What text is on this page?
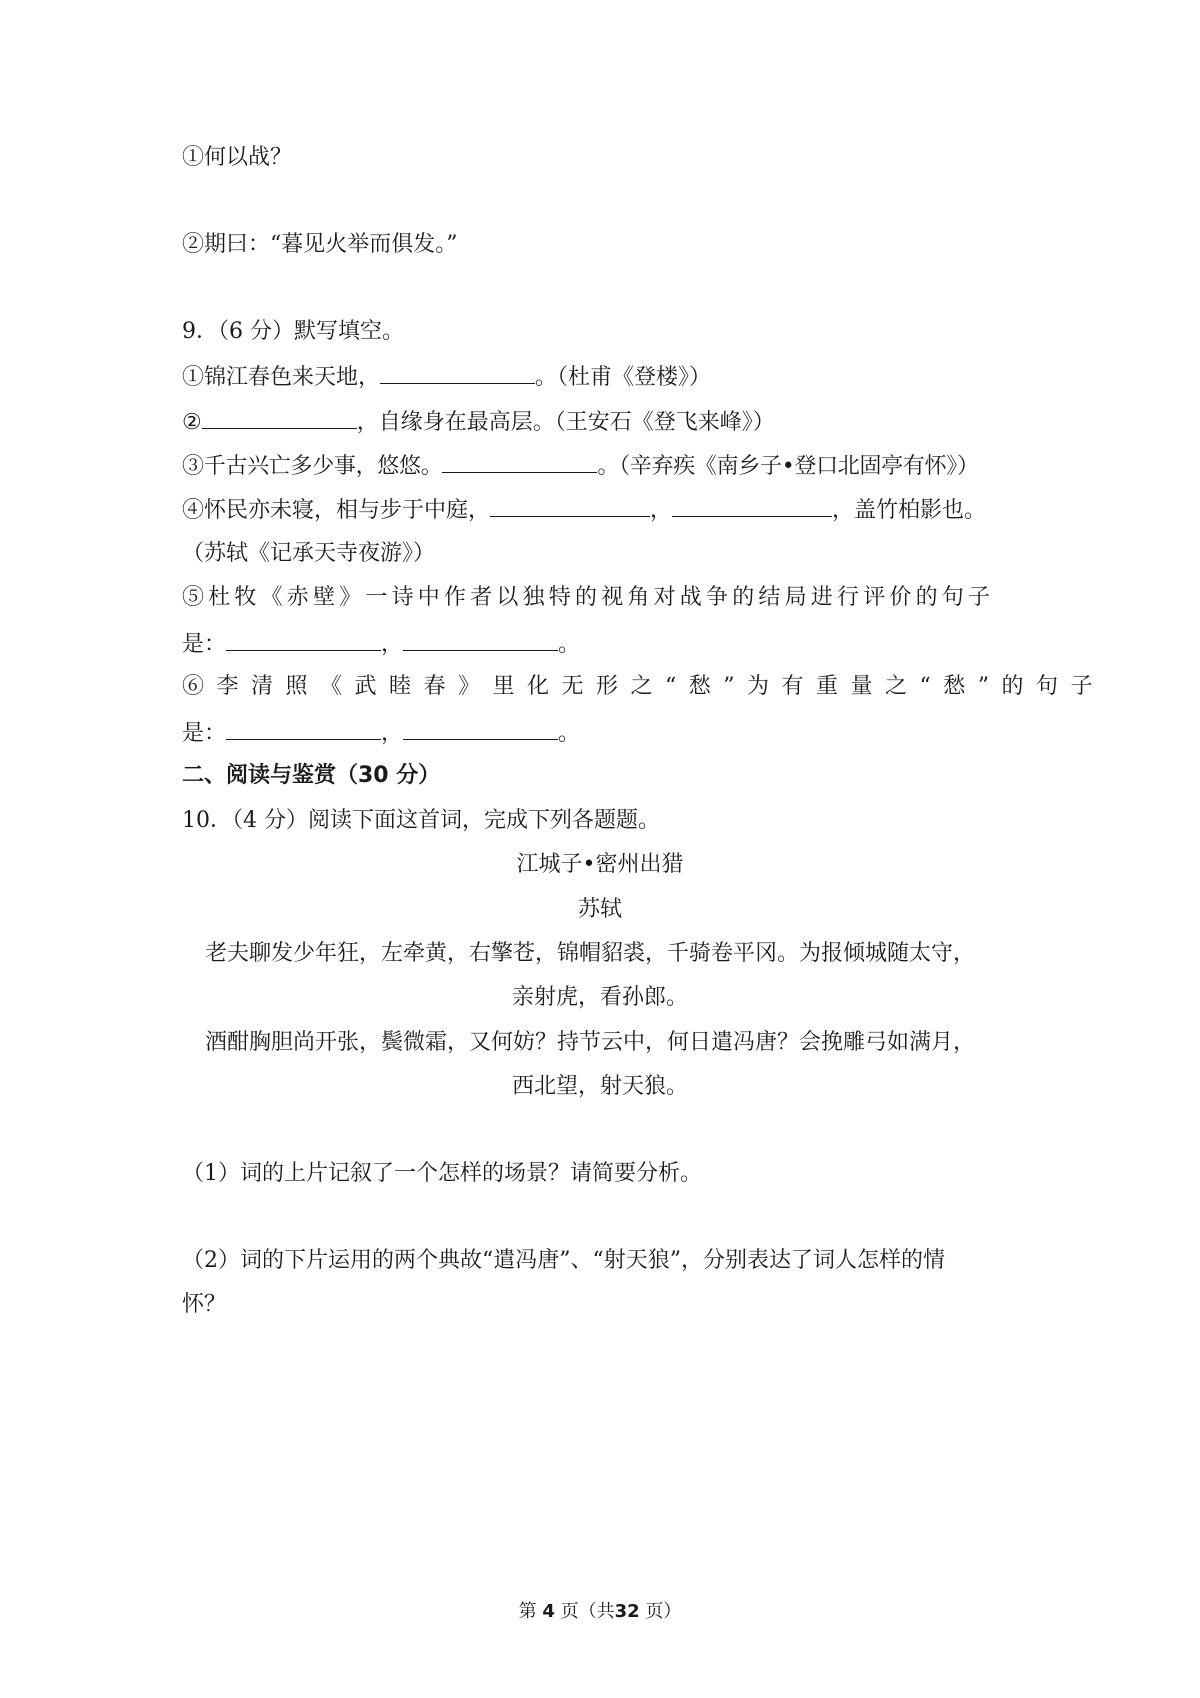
①何以战？
②期曰：“暮见火举而俱发。”
9．（6 分）默写填空。
①锦江春色来天地，	。（杜甫《登楼》）
②	，自缘身在最高层。（王安石《登飞来峰》）
③千古兴亡多少事，悠悠。	。（辛弃疾《南乡子•登口北固亭有怀》）
④怀民亦未寝，相与步于中庭，	，	，盖竹柏影也。
（苏轼《记承天寺夜游》）
⑤杜牧《赤壁》一诗中作者以独特的视角对战争的结局进行评价的句子
是：	，	。
⑥李清照《武睦春》里化无形之“愁”为有重量之“愁”的句子
是：	，	。
二、阅读与鉴赏（30 分）
10．（4 分）阅读下面这首词，完成下列各题题。
江城子•密州出猎
苏轼
老夫聊发少年狂，左牵黄，右擎苍，锦帽貂裘，千骑卷平冈。为报倾城随太守，
亲射虎，看孙郎。
酒酣胸胆尚开张，鬓微霜，又何妨？持节云中，何日遣冯唐？会挽雕弓如满月，
西北望，射天狼。
（1）词的上片记叙了一个怎样的场景？请简要分析。
（2）词的下片运用的两个典故“遣冯唐”、“射天狼”，分别表达了词人怎样的情
怀？
第 4 页（共32 页）
